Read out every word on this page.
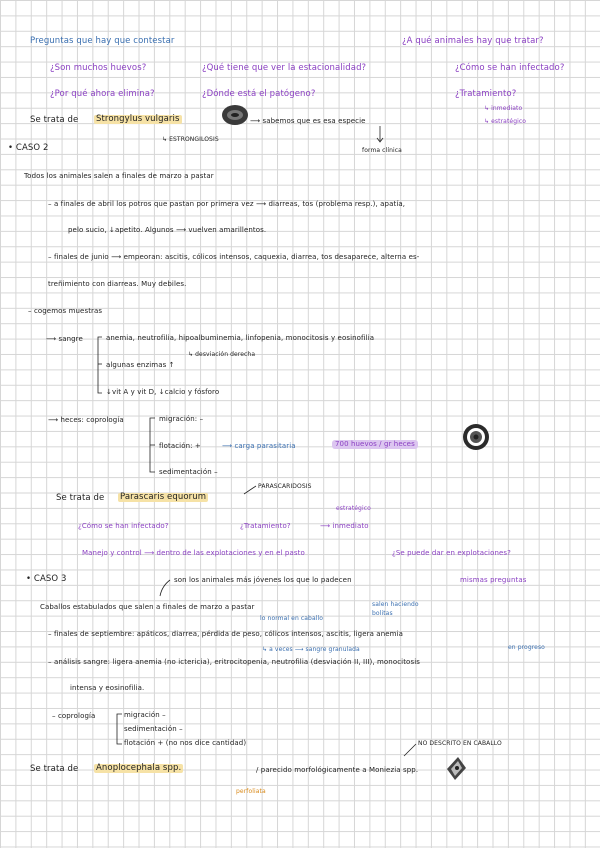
Preguntas que hay que contestar	¿A qué animales hay que tratar?
¿Son muchos huevos?	¿Qué tiene que ver la estacionalidad?	¿Cómo se han infectado?
¿Por qué ahora elimina?	¿Dónde está el patógeno?	¿Tratamiento?
↳ inmediato
↳ estratégico
Se trata de Strongylus vulgaris	⟶ sabemos que es esa especie
↳ ESTRONGILOSIS
forma clínica
• CASO 2
Todos los animales salen a finales de marzo a pastar
– a finales de abril los potros que pastan por primera vez ⟶ diarreas, tos (problema resp.), apatía,
pelo sucio, ↓apetito. Algunos ⟶ vuelven amarillentos.
– finales de junio ⟶ empeoran: ascitis, cólicos intensos, caquexia, diarrea, tos desaparece, alterna es-
treñimiento con diarreas. Muy debiles.
– cogemos muestras
⟶ sangre	anemia, neutrofilia, hipoalbuminemia, linfopenia, monocitosis y eosinofilia
↳ desviación derecha
algunas enzimas ↑
↓vit A y vit D, ↓calcio y fósforo
⟶ heces: coprología	migración: –
flotación: +	⟶ carga parasitaria	700 huevos / gr heces
sedimentación –
Se trata de Parascaris equorum
PARASCARIDOSIS
estratégico
¿Cómo se han infectado?	¿Tratamiento?	⟶ inmediato
Manejo y control ⟶ dentro de las explotaciones y en el pasto	¿Se puede dar en explotaciones?
• CASO 3	son los animales más jóvenes los que lo padecen	mismas preguntas
Caballos estabulados que salen a finales de marzo a pastar	salen haciendo bolitas
lo normal en caballo
– finales de septiembre: apáticos, diarrea, pérdida de peso, cólicos intensos, ascitis, ligera anemia
↳ a veces ⟶ sangre granulada	en progreso
– análisis sangre: ligera anemia (no ictericia), eritrocitopenia, neutrofilia (desviación II, III), monocitosis
intensa y eosinofilia.
– coprología	migración –
sedimentación –
flotación + (no nos dice cantidad)	NO DESCRITO EN CABALLO
Se trata de Anoplocephala spp.	/ parecido morfológicamente a Moniezia spp.
perfoliata
